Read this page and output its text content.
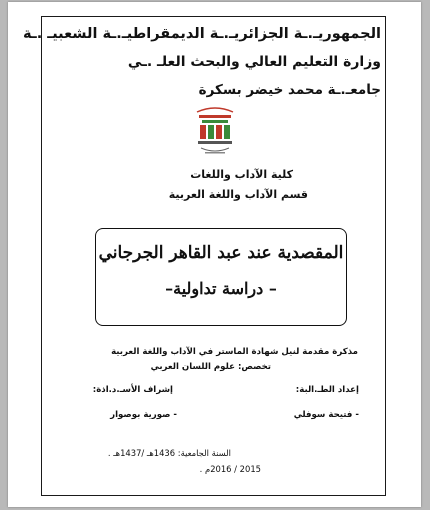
الجمهوريـ.ـة الجزائريـ.ـة الديمقراطيـ.ـة الشعبيـ .ـة
وزارة التعليم العالي والبحث العلـ .ـي
جامعـ.ـة محمد خيضر بسكرة
كلية الآداب واللغات
قسم الآداب واللغة العربية
المقصدية عند عبد القاهر الجرجاني
– دراسة تداولية–
مذكرة مقدمة لنيل شهادة الماستر في الآداب واللغة العربية
تخصص: علوم اللسان العربي
إعداد الطـ.البة:
إشراف الأسـ.د.اذة:
- فتيحة سوفلي
- صورية بوصوار
السنة الجامعية: 1436هـ /1437هـ .
2015 / 2016م .
